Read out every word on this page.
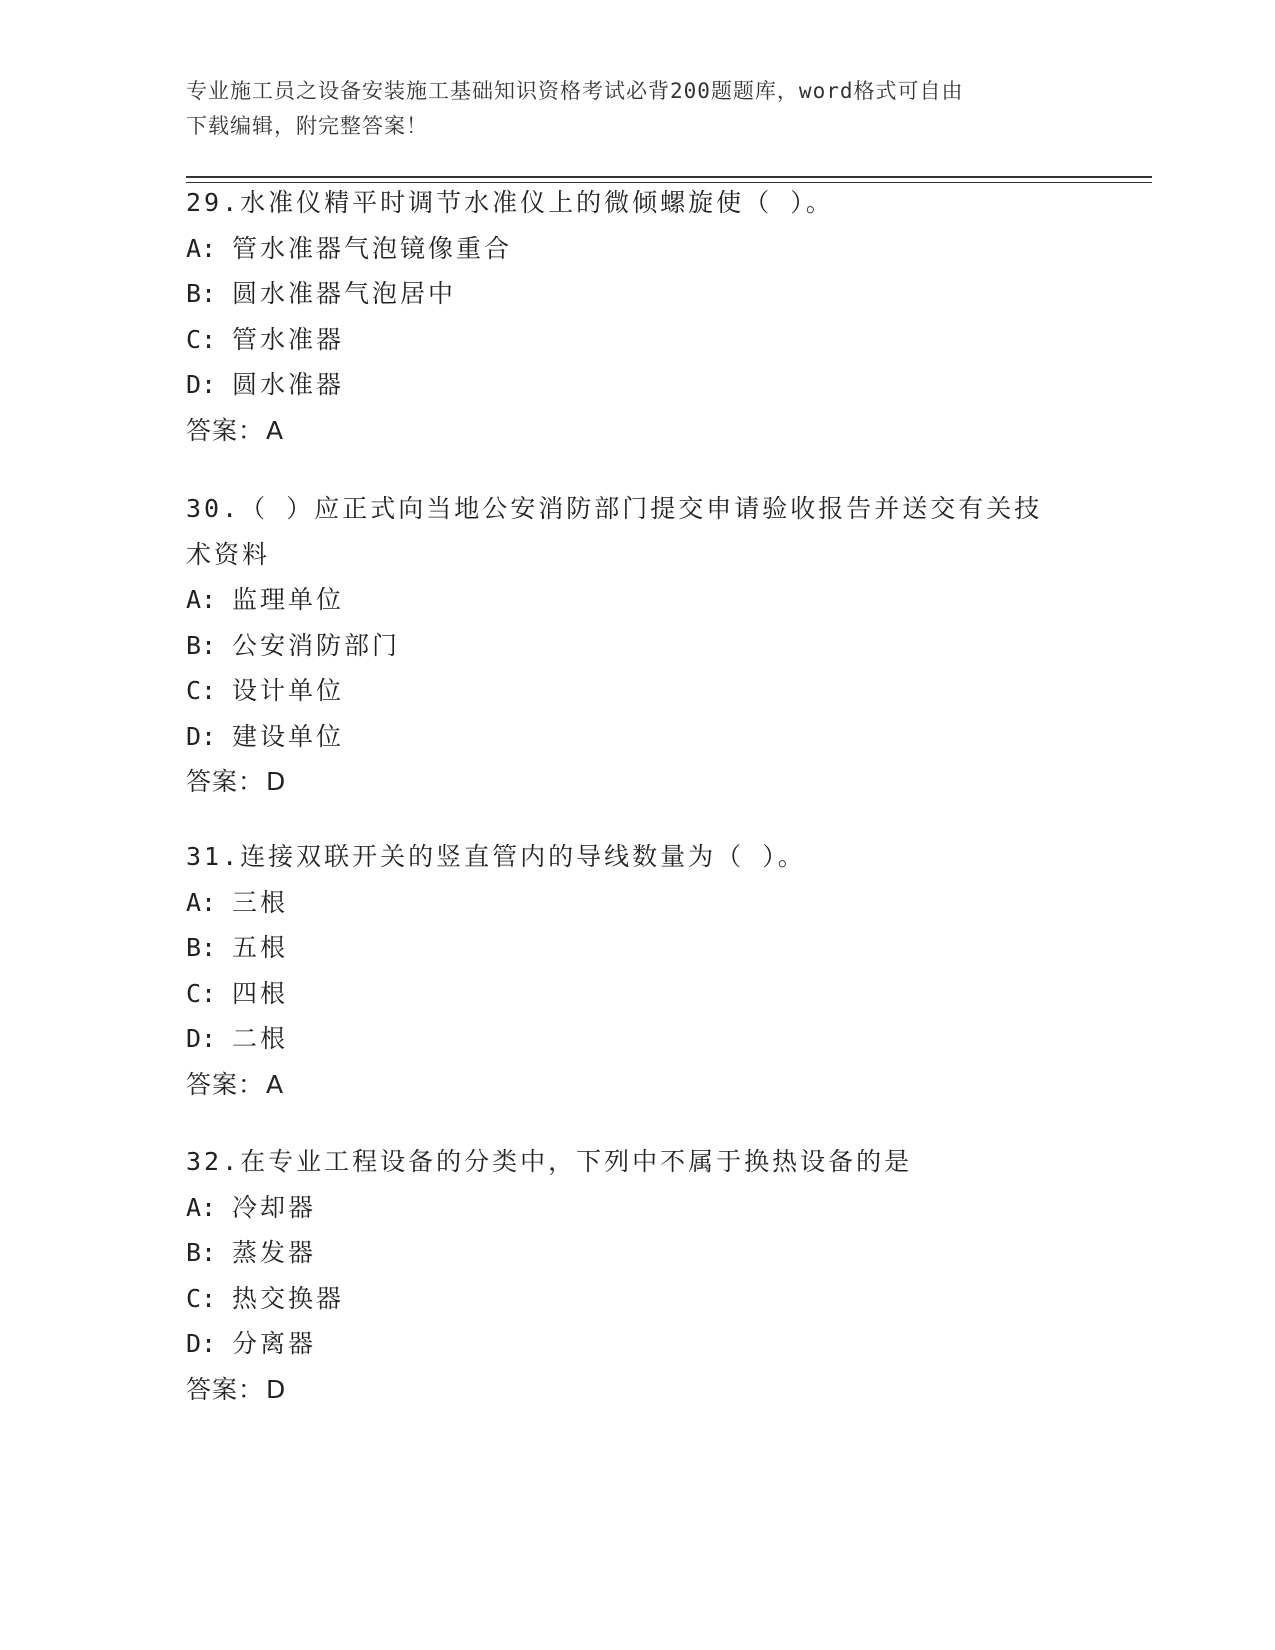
专业施工员之设备安装施工基础知识资格考试必背200题题库，word格式可自由
下载编辑，附完整答案！
29.水准仪精平时调节水准仪上的微倾螺旋使（ ）。
A: 管水准器气泡镜像重合
B: 圆水准器气泡居中
C: 管水准器
D: 圆水准器
答案：A
30.（ ）应正式向当地公安消防部门提交申请验收报告并送交有关技术资料
A: 监理单位
B: 公安消防部门
C: 设计单位
D: 建设单位
答案：D
31.连接双联开关的竖直管内的导线数量为（ ）。
A: 三根
B: 五根
C: 四根
D: 二根
答案：A
32.在专业工程设备的分类中，下列中不属于换热设备的是
A: 冷却器
B: 蒸发器
C: 热交换器
D: 分离器
答案：D
